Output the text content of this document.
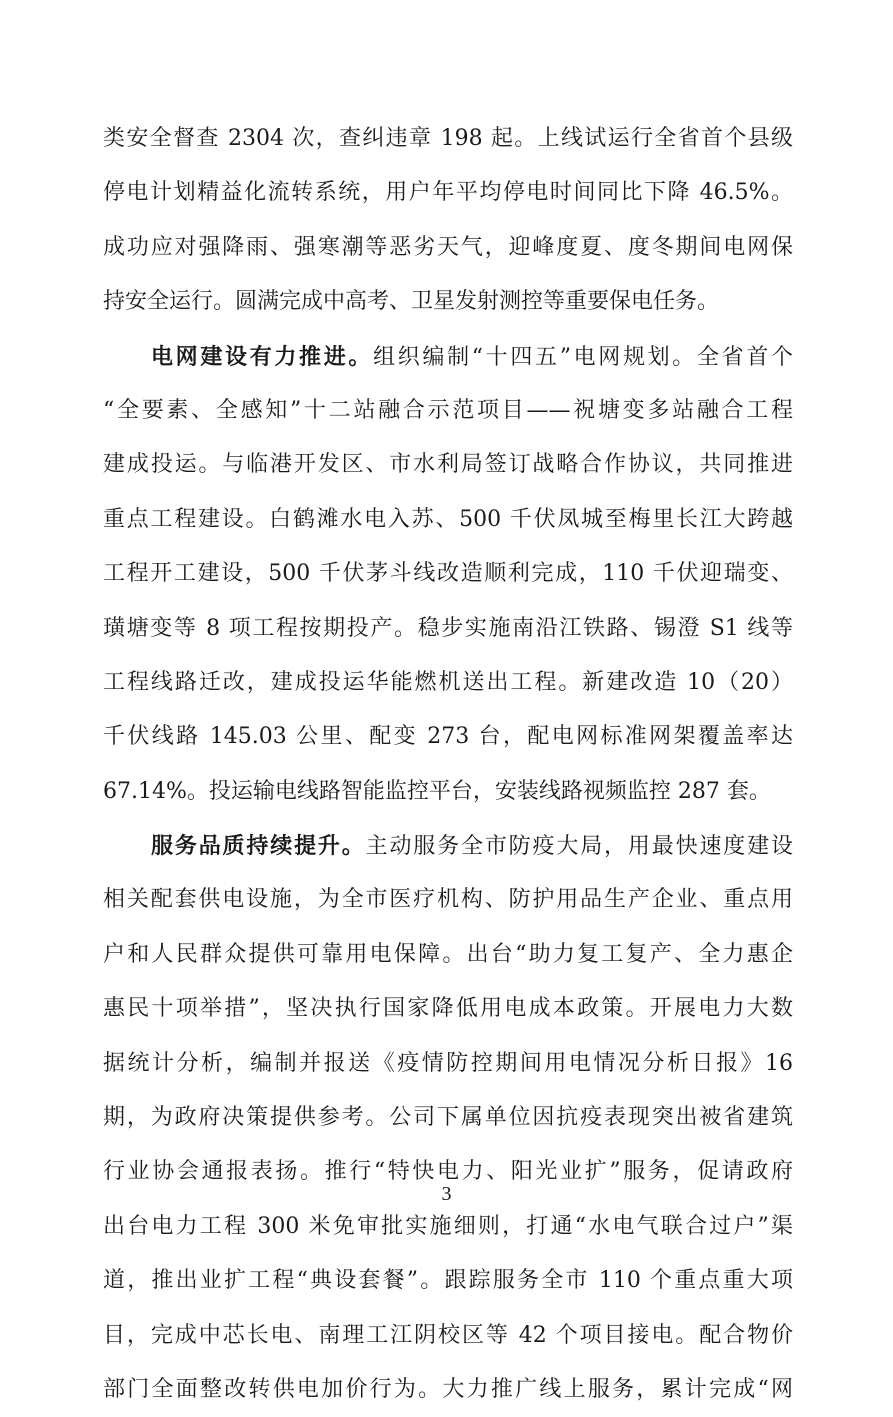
类安全督查 2304 次，查纠违章 198 起。上线试运行全省首个县级
停电计划精益化流转系统，用户年平均停电时间同比下降 46.5%。
成功应对强降雨、强寒潮等恶劣天气，迎峰度夏、度冬期间电网保
持安全运行。圆满完成中高考、卫星发射测控等重要保电任务。
电网建设有力推进。组织编制“十四五”电网规划。全省首个
“全要素、全感知”十二站融合示范项目——祝塘变多站融合工程
建成投运。与临港开发区、市水利局签订战略合作协议，共同推进
重点工程建设。白鹤滩水电入苏、500 千伏凤城至梅里长江大跨越
工程开工建设，500 千伏茅斗线改造顺利完成，110 千伏迎瑞变、
璜塘变等 8 项工程按期投产。稳步实施南沿江铁路、锡澄 S1 线等
工程线路迁改，建成投运华能燃机送出工程。新建改造 10（20）
千伏线路 145.03 公里、配变 273 台，配电网标准网架覆盖率达
67.14%。投运输电线路智能监控平台，安装线路视频监控 287 套。
服务品质持续提升。主动服务全市防疫大局，用最快速度建设
相关配套供电设施，为全市医疗机构、防护用品生产企业、重点用
户和人民群众提供可靠用电保障。出台“助力复工复产、全力惠企
惠民十项举措”，坚决执行国家降低用电成本政策。开展电力大数
据统计分析，编制并报送《疫情防控期间用电情况分析日报》16
期，为政府决策提供参考。公司下属单位因抗疫表现突出被省建筑
行业协会通报表扬。推行“特快电力、阳光业扩”服务，促请政府
出台电力工程 300 米免审批实施细则，打通“水电气联合过户”渠
道，推出业扩工程“典设套餐”。跟踪服务全市 110 个重点重大项
目，完成中芯长电、南理工江阴校区等 42 个项目接电。配合物价
部门全面整改转供电加价行为。大力推广线上服务，累计完成“网
3
